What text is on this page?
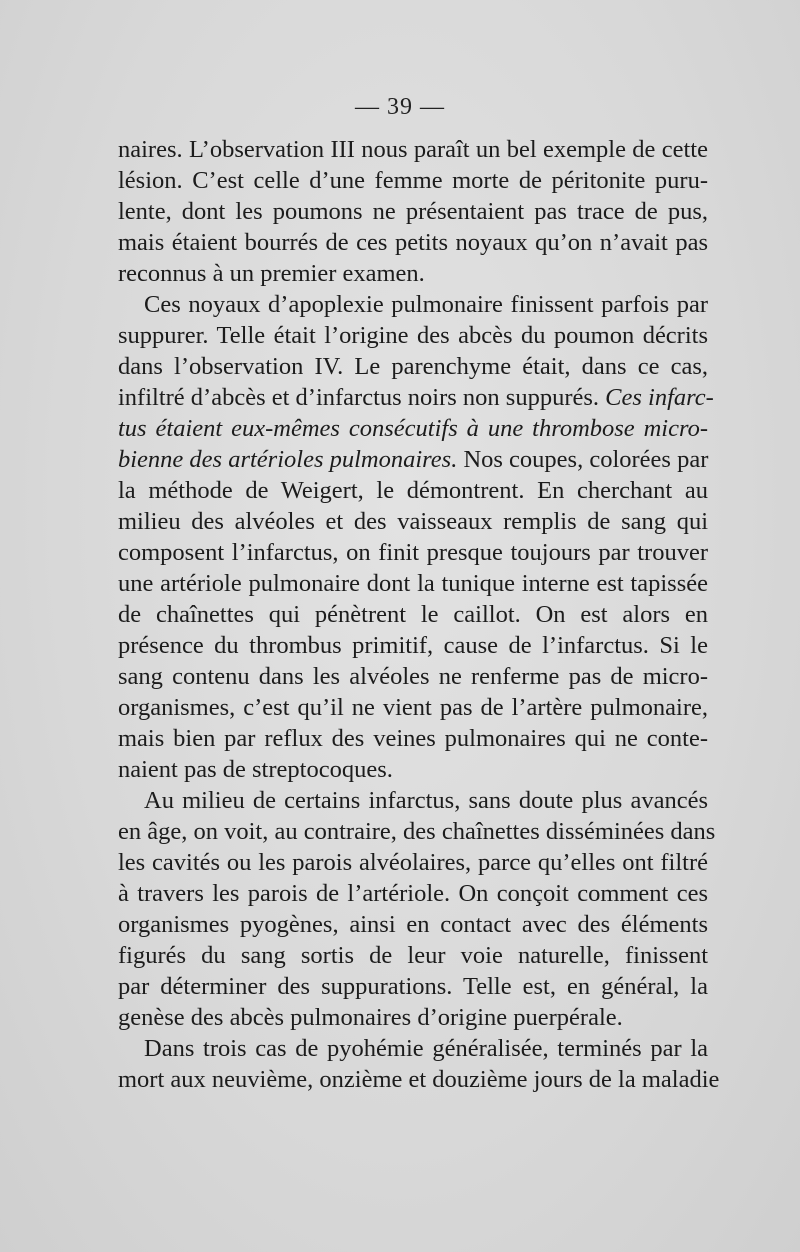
— 39 —
naires. L’observation III nous paraît un bel exemple de cette
lésion. C’est celle d’une femme morte de péritonite puru-
lente, dont les poumons ne présentaient pas trace de pus,
mais étaient bourrés de ces petits noyaux qu’on n’avait pas
reconnus à un premier examen.
Ces noyaux d’apoplexie pulmonaire finissent parfois par
suppurer. Telle était l’origine des abcès du poumon décrits
dans l’observation IV. Le parenchyme était, dans ce cas,
infiltré d’abcès et d’infarctus noirs non suppurés. Ces infarc-
tus étaient eux-mêmes consécutifs à une thrombose micro-
bienne des artérioles pulmonaires. Nos coupes, colorées par
la méthode de Weigert, le démontrent. En cherchant au
milieu des alvéoles et des vaisseaux remplis de sang qui
composent l’infarctus, on finit presque toujours par trouver
une artériole pulmonaire dont la tunique interne est tapissée
de chaînettes qui pénètrent le caillot. On est alors en
présence du thrombus primitif, cause de l’infarctus. Si le
sang contenu dans les alvéoles ne renferme pas de micro-
organismes, c’est qu’il ne vient pas de l’artère pulmonaire,
mais bien par reflux des veines pulmonaires qui ne conte-
naient pas de streptocoques.
Au milieu de certains infarctus, sans doute plus avancés
en âge, on voit, au contraire, des chaînettes disséminées dans
les cavités ou les parois alvéolaires, parce qu’elles ont filtré
à travers les parois de l’artériole. On conçoit comment ces
organismes pyogènes, ainsi en contact avec des éléments
figurés du sang sortis de leur voie naturelle, finissent
par déterminer des suppurations. Telle est, en général, la
genèse des abcès pulmonaires d’origine puerpérale.
Dans trois cas de pyohémie généralisée, terminés par la
mort aux neuvième, onzième et douzième jours de la maladie
